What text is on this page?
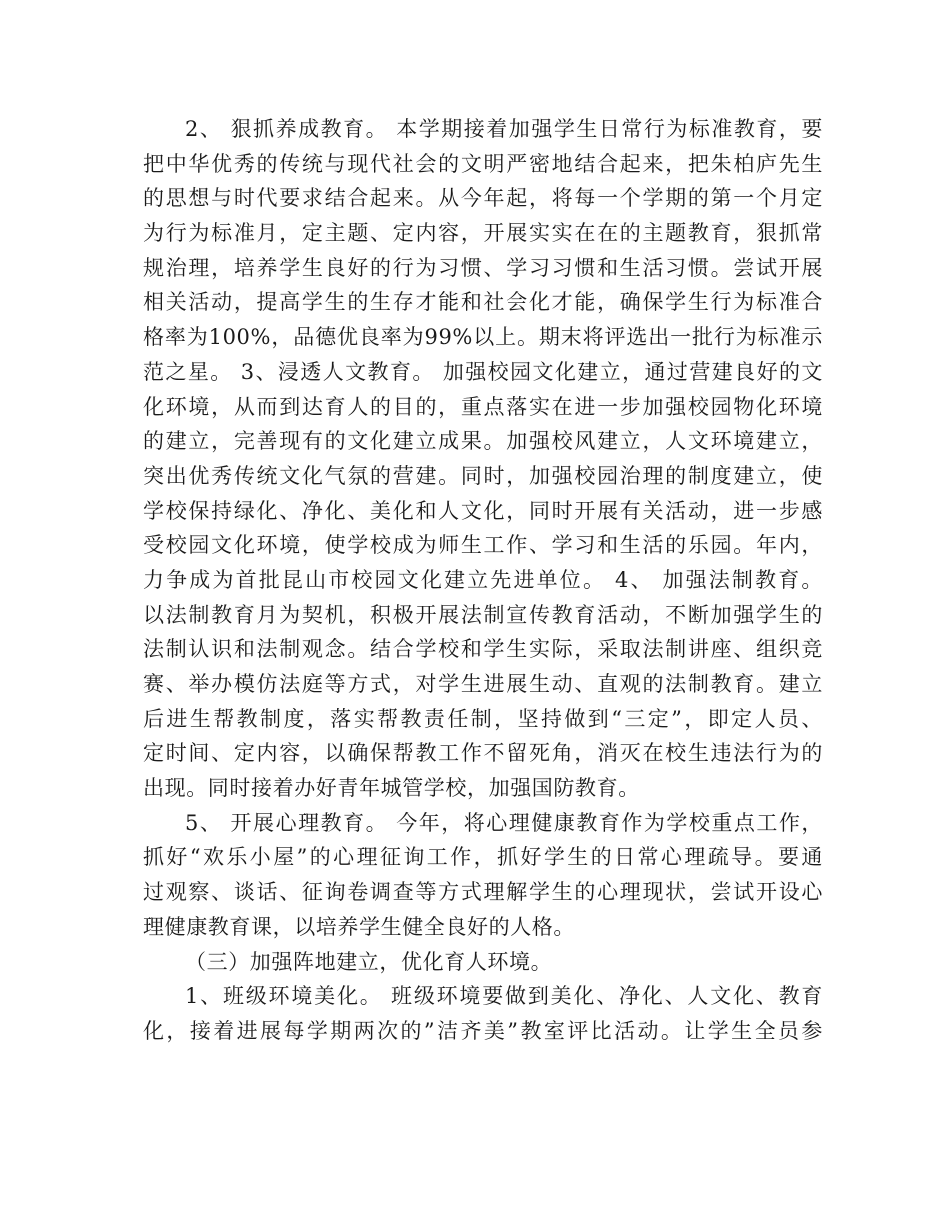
2、 狠抓养成教育。 本学期接着加强学生日常行为标准教育，要
把中华优秀的传统与现代社会的文明严密地结合起来，把朱柏庐先生
的思想与时代要求结合起来。从今年起，将每一个学期的第一个月定
为行为标准月，定主题、定内容，开展实实在在的主题教育，狠抓常
规治理，培养学生良好的行为习惯、学习习惯和生活习惯。尝试开展
相关活动，提高学生的生存才能和社会化才能，确保学生行为标准合
格率为100%，品德优良率为99%以上。期末将评选出一批行为标准示
范之星。 3、浸透人文教育。 加强校园文化建立，通过营建良好的文
化环境，从而到达育人的目的，重点落实在进一步加强校园物化环境
的建立，完善现有的文化建立成果。加强校风建立，人文环境建立，
突出优秀传统文化气氛的营建。同时，加强校园治理的制度建立，使
学校保持绿化、净化、美化和人文化，同时开展有关活动，进一步感
受校园文化环境，使学校成为师生工作、学习和生活的乐园。年内，
力争成为首批昆山市校园文化建立先进单位。 4、 加强法制教育。
以法制教育月为契机，积极开展法制宣传教育活动，不断加强学生的
法制认识和法制观念。结合学校和学生实际，采取法制讲座、组织竞
赛、举办模仿法庭等方式，对学生进展生动、直观的法制教育。建立
后进生帮教制度，落实帮教责任制，坚持做到“三定”，即定人员、
定时间、定内容，以确保帮教工作不留死角，消灭在校生违法行为的
出现。同时接着办好青年城管学校，加强国防教育。
5、 开展心理教育。 今年，将心理健康教育作为学校重点工作，
抓好“欢乐小屋”的心理征询工作，抓好学生的日常心理疏导。要通
过观察、谈话、征询卷调查等方式理解学生的心理现状，尝试开设心
理健康教育课，以培养学生健全良好的人格。
（三）加强阵地建立，优化育人环境。
1、班级环境美化。 班级环境要做到美化、净化、人文化、教育
化，接着进展每学期两次的”洁齐美”教室评比活动。让学生全员参
